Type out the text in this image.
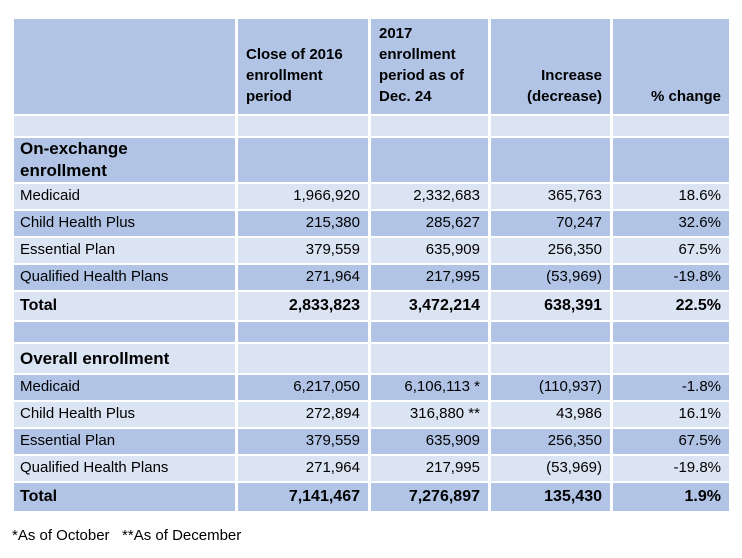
	Close of 2016 enrollment period	2017 enrollment period as of Dec. 24	Increase (decrease)	% change

On-exchange enrollment				
Medicaid	1,966,920	2,332,683	365,763	18.6%
Child Health Plus	215,380	285,627	70,247	32.6%
Essential Plan	379,559	635,909	256,350	67.5%
Qualified Health Plans	271,964	217,995	(53,969)	-19.8%
Total	2,833,823	3,472,214	638,391	22.5%

Overall enrollment				
Medicaid	6,217,050	6,106,113 *	(110,937)	-1.8%
Child Health Plus	272,894	316,880 **	43,986	16.1%
Essential Plan	379,559	635,909	256,350	67.5%
Qualified Health Plans	271,964	217,995	(53,969)	-19.8%
Total	7,141,467	7,276,897	135,430	1.9%
*As of October   **As of December
